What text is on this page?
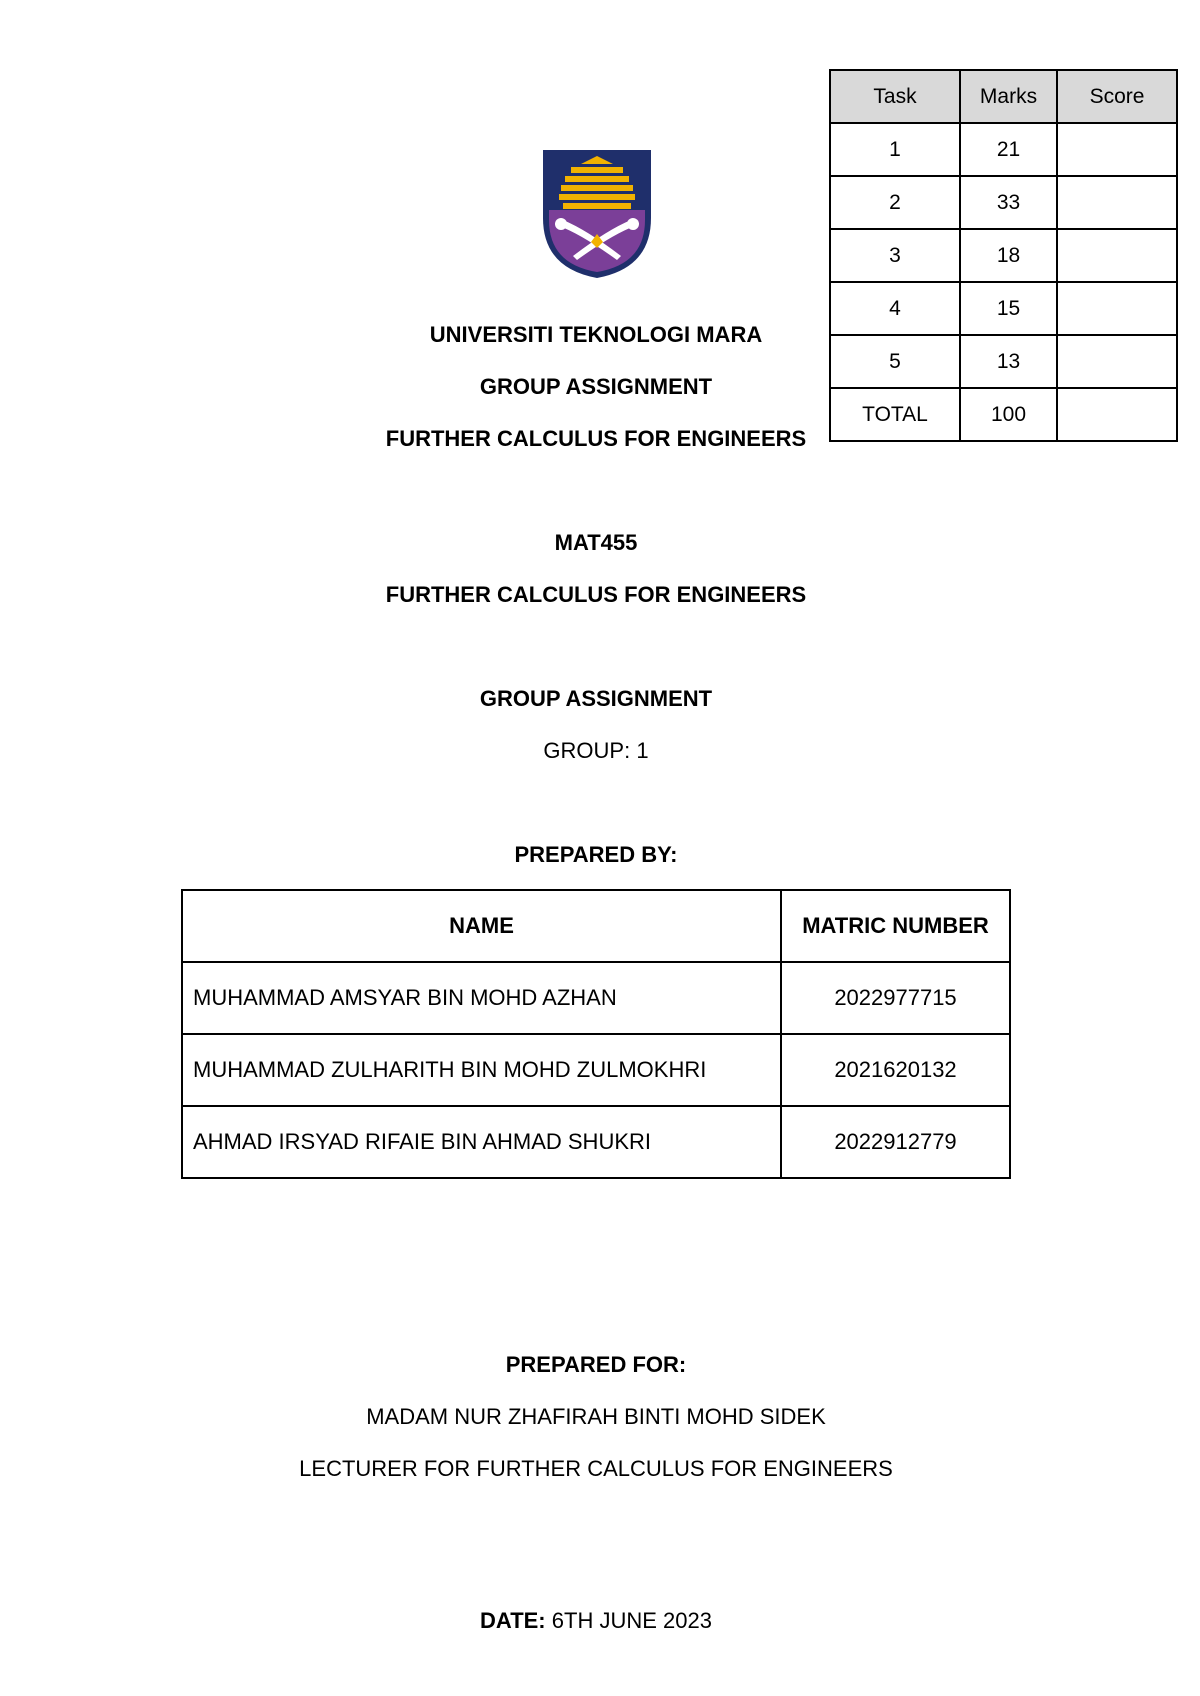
Task	Marks	Score
1	21	
2	33	
3	18	
4	15	
5	13	
TOTAL	100	
UNIVERSITI TEKNOLOGI MARA
GROUP ASSIGNMENT
FURTHER CALCULUS FOR ENGINEERS
MAT455
FURTHER CALCULUS FOR ENGINEERS
GROUP ASSIGNMENT
GROUP: 1
PREPARED BY:
NAME	MATRIC NUMBER
MUHAMMAD AMSYAR BIN MOHD AZHAN	2022977715
MUHAMMAD ZULHARITH BIN MOHD ZULMOKHRI	2021620132
AHMAD IRSYAD RIFAIE BIN AHMAD SHUKRI	2022912779
PREPARED FOR:
MADAM NUR ZHAFIRAH BINTI MOHD SIDEK
LECTURER FOR FURTHER CALCULUS FOR ENGINEERS
DATE: 6TH JUNE 2023
